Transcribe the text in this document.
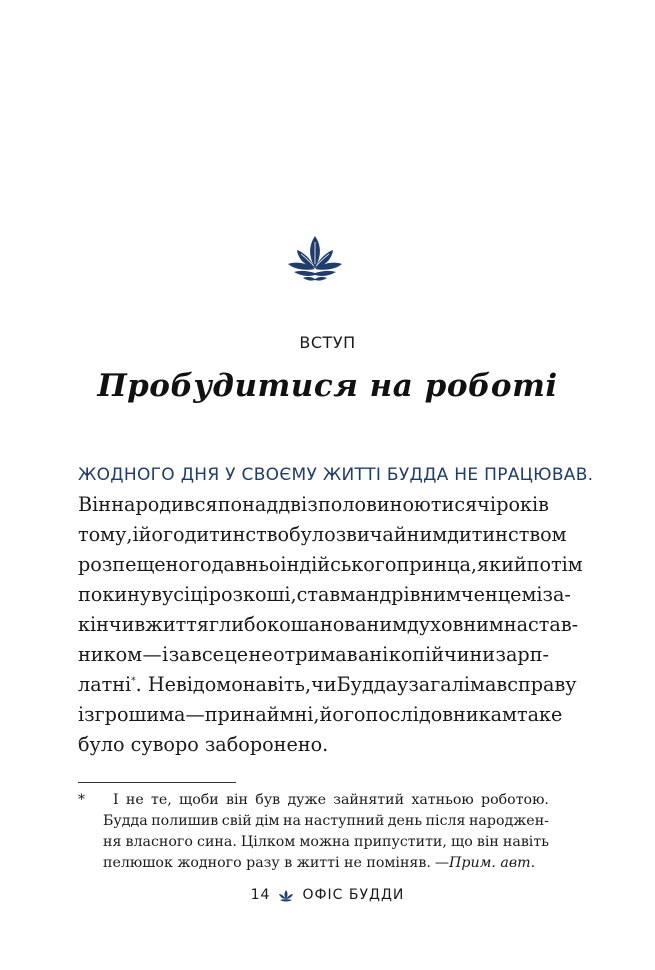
ВСТУП
Пробудитися на роботі
ЖОДНОГО ДНЯ У СВОЄМУ ЖИТТІ БУДДА НЕ ПРАЦЮВАВ.
Він народився понад дві з половиною тисячі років
тому, і його дитинство було звичайним дитинством
розпещеного давньоіндійського принца, який потім
покинув усі ці розкоші, став мандрівним ченцем і за-
кінчив життя глибоко шанованим духовним настав-
ником — і за все це не отримав ані копійчини зарп-
латні*. Невідомо навіть, чи Будда узагалі мав справу
із грошима — принаймні, його послідовникам таке
було суворо заборонено.
* І не те, щоби він був дуже зайнятий хатньою роботою.
Будда полишив свій дім на наступний день після народжен-
ня власного сина. Цілком можна припустити, що він навіть
пелюшок жодного разу в житті не поміняв. — Прим. авт.
14 ОФІС БУДДИ
